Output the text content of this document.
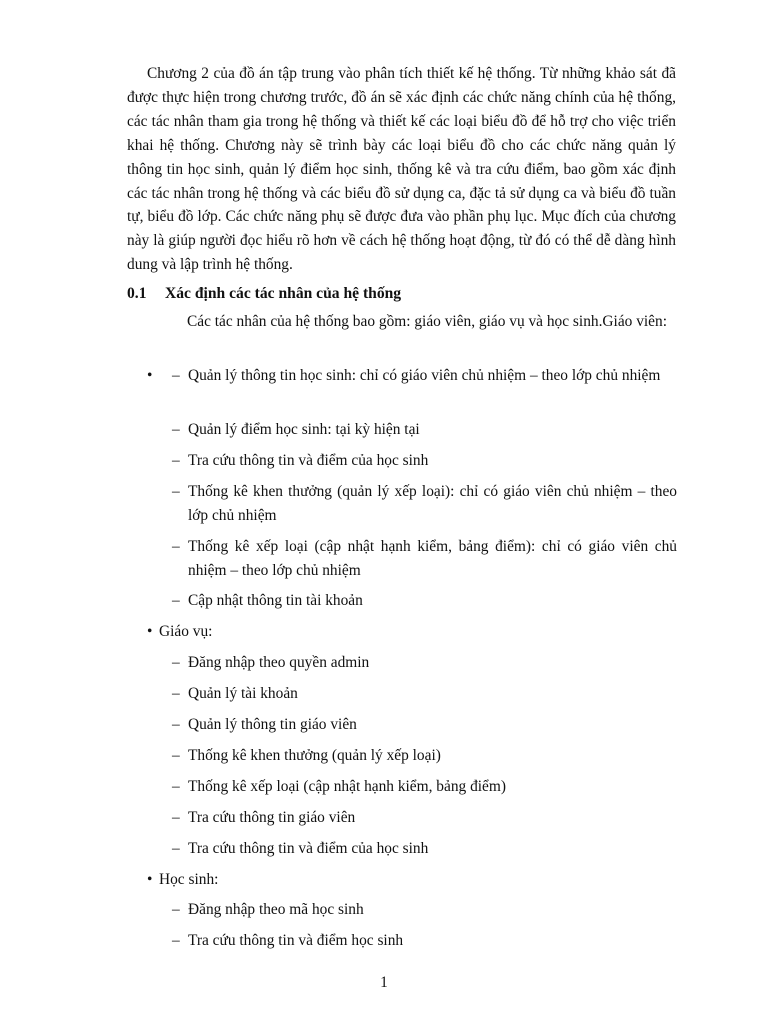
Chương 2 của đồ án tập trung vào phân tích thiết kế hệ thống. Từ những khảo sát đã được thực hiện trong chương trước, đồ án sẽ xác định các chức năng chính của hệ thống, các tác nhân tham gia trong hệ thống và thiết kế các loại biểu đồ để hỗ trợ cho việc triển khai hệ thống. Chương này sẽ trình bày các loại biểu đồ cho các chức năng quản lý thông tin học sinh, quản lý điểm học sinh, thống kê và tra cứu điểm, bao gồm xác định các tác nhân trong hệ thống và các biểu đồ sử dụng ca, đặc tả sử dụng ca và biểu đồ tuần tự, biểu đồ lớp. Các chức năng phụ sẽ được đưa vào phần phụ lục. Mục đích của chương này là giúp người đọc hiểu rõ hơn về cách hệ thống hoạt động, từ đó có thể dễ dàng hình dung và lập trình hệ thống.

0.1 Xác định các tác nhân của hệ thống

Các tác nhân của hệ thống bao gồm: giáo viên, giáo vụ và học sinh.Giáo viên:

•	– Quản lý thông tin học sinh: chỉ có giáo viên chủ nhiệm – theo lớp chủ nhiệm
– Quản lý điểm học sinh: tại kỳ hiện tại
– Tra cứu thông tin và điểm của học sinh
– Thống kê khen thưởng (quản lý xếp loại): chỉ có giáo viên chủ nhiệm – theo lớp chủ nhiệm
– Thống kê xếp loại (cập nhật hạnh kiểm, bảng điểm): chỉ có giáo viên chủ nhiệm – theo lớp chủ nhiệm
– Cập nhật thông tin tài khoản
• Giáo vụ:
– Đăng nhập theo quyền admin
– Quản lý tài khoản
– Quản lý thông tin giáo viên
– Thống kê khen thưởng (quản lý xếp loại)
– Thống kê xếp loại (cập nhật hạnh kiểm, bảng điểm)
– Tra cứu thông tin giáo viên
– Tra cứu thông tin và điểm của học sinh
• Học sinh:
– Đăng nhập theo mã học sinh
– Tra cứu thông tin và điểm học sinh
1
